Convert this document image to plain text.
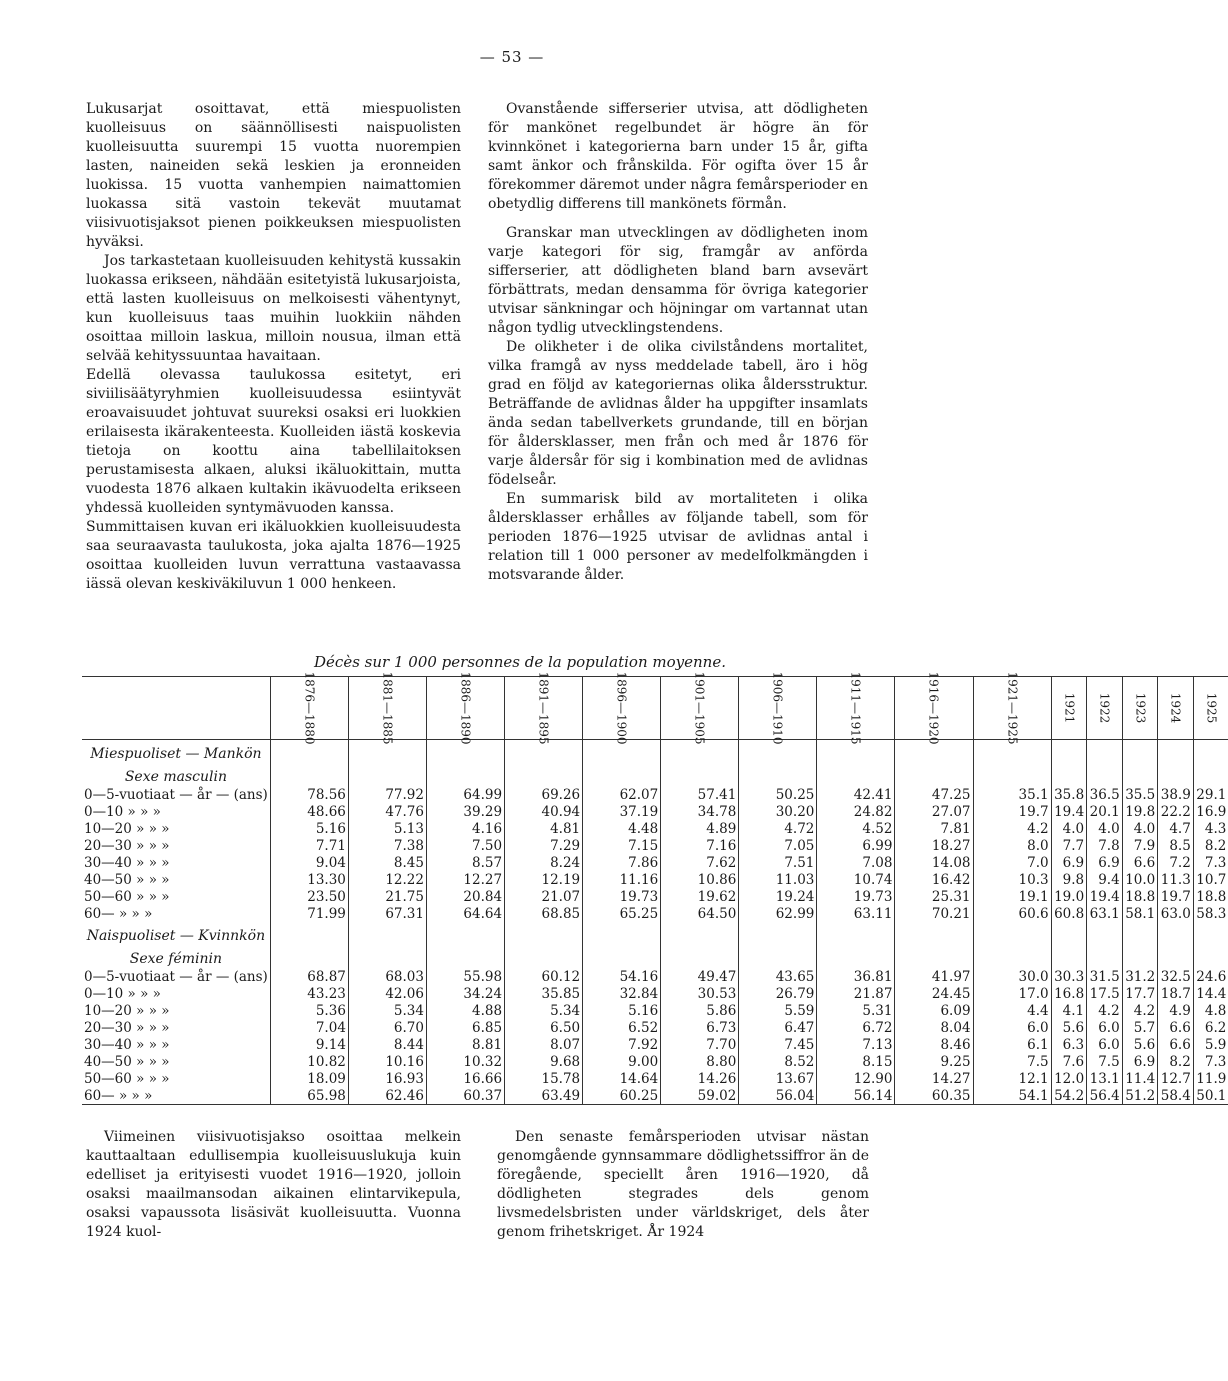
— 53 —

Lukusarjat osoittavat, että miespuolisten kuolleisuus on säännöllisesti naispuolisten kuolleisuutta suurempi 15 vuotta nuorempien lasten, naineiden sekä leskien ja eronneiden luokissa. 15 vuotta vanhempien naimattomien luokassa sitä vastoin tekevät muutamat viisivuotisjaksot pienen poikkeuksen miespuolisten hyväksi.

Jos tarkastetaan kuolleisuuden kehitystä kussakin luokassa erikseen, nähdään esitetyistä lukusarjoista, että lasten kuolleisuus on melkoisesti vähentynyt, kun kuolleisuus taas muihin luokkiin nähden osoittaa milloin laskua, milloin nousua, ilman että selvää kehityssuuntaa havaitaan.

Edellä olevassa taulukossa esitetyt, eri siviilisäätyryhmien kuolleisuudessa esiintyvät eroavaisuudet johtuvat suureksi osaksi eri luokkien erilaisesta ikärakenteesta. Kuolleiden iästä koskevia tietoja on koottu aina tabellilaitoksen perustamisesta alkaen, aluksi ikäluokittain, mutta vuodesta 1876 alkaen kultakin ikävuodelta erikseen yhdessä kuolleiden syntymävuoden kanssa.

Summittaisen kuvan eri ikäluokkien kuolleisuudesta saa seuraavasta taulukosta, joka ajalta 1876—1925 osoittaa kuolleiden luvun verrattuna vastaavassa iässä olevan keskiväkiluvun 1 000 henkeen.

Ovanstående sifferserier utvisa, att dödligheten för mankönet regelbundet är högre än för kvinnkönet i kategorierna barn under 15 år, gifta samt änkor och frånskilda. För ogifta över 15 år förekommer däremot under några femårsperioder en obetydlig differens till mankönets förmån.

Granskar man utvecklingen av dödligheten inom varje kategori för sig, framgår av anförda sifferserier, att dödligheten bland barn avsevärt förbättrats, medan densamma för övriga kategorier utvisar sänkningar och höjningar om vartannat utan någon tydlig utvecklingstendens.

De olikheter i de olika civilståndens mortalitet, vilka framgå av nyss meddelade tabell, äro i hög grad en följd av kategoriernas olika åldersstruktur. Beträffande de avlidnas ålder ha uppgifter insamlats ända sedan tabellverkets grundande, till en början för åldersklasser, men från och med år 1876 för varje åldersår för sig i kombination med de avlidnas födelseår.

En summarisk bild av mortaliteten i olika åldersklasser erhålles av följande tabell, som för perioden 1876—1925 utvisar de avlidnas antal i relation till 1 000 personer av medelfolkmängden i motsvarande ålder.

Décès sur 1 000 personnes de la population moyenne.
	1876—1880	1881—1885	1886—1890	1891—1895	1896—1900	1901—1905	1906—1910	1911—1915	1916—1920	1921—1925	1921	1922	1923	1924	1925
Miespuoliset — Mankön															
Sexe masculin															
0—5-vuotiaat — år — (ans)	78.56	77.92	64.99	69.26	62.07	57.41	50.25	42.41	47.25	35.1	35.8	36.5	35.5	38.9	29.1
0—10 » » »	48.66	47.76	39.29	40.94	37.19	34.78	30.20	24.82	27.07	19.7	19.4	20.1	19.8	22.2	16.9
10—20 » » »	5.16	5.13	4.16	4.81	4.48	4.89	4.72	4.52	7.81	4.2	4.0	4.0	4.0	4.7	4.3
20—30 » » »	7.71	7.38	7.50	7.29	7.15	7.16	7.05	6.99	18.27	8.0	7.7	7.8	7.9	8.5	8.2
30—40 » » »	9.04	8.45	8.57	8.24	7.86	7.62	7.51	7.08	14.08	7.0	6.9	6.9	6.6	7.2	7.3
40—50 » » »	13.30	12.22	12.27	12.19	11.16	10.86	11.03	10.74	16.42	10.3	9.8	9.4	10.0	11.3	10.7
50—60 » » »	23.50	21.75	20.84	21.07	19.73	19.62	19.24	19.73	25.31	19.1	19.0	19.4	18.8	19.7	18.8
60— » » »	71.99	67.31	64.64	68.85	65.25	64.50	62.99	63.11	70.21	60.6	60.8	63.1	58.1	63.0	58.3
Naispuoliset — Kvinnkön															
Sexe féminin															
0—5-vuotiaat — år — (ans)	68.87	68.03	55.98	60.12	54.16	49.47	43.65	36.81	41.97	30.0	30.3	31.5	31.2	32.5	24.6
0—10 » » »	43.23	42.06	34.24	35.85	32.84	30.53	26.79	21.87	24.45	17.0	16.8	17.5	17.7	18.7	14.4
10—20 » » »	5.36	5.34	4.88	5.34	5.16	5.86	5.59	5.31	6.09	4.4	4.1	4.2	4.2	4.9	4.8
20—30 » » »	7.04	6.70	6.85	6.50	6.52	6.73	6.47	6.72	8.04	6.0	5.6	6.0	5.7	6.6	6.2
30—40 » » »	9.14	8.44	8.81	8.07	7.92	7.70	7.45	7.13	8.46	6.1	6.3	6.0	5.6	6.6	5.9
40—50 » » »	10.82	10.16	10.32	9.68	9.00	8.80	8.52	8.15	9.25	7.5	7.6	7.5	6.9	8.2	7.3
50—60 » » »	18.09	16.93	16.66	15.78	14.64	14.26	13.67	12.90	14.27	12.1	12.0	13.1	11.4	12.7	11.9
60— » » »	65.98	62.46	60.37	63.49	60.25	59.02	56.04	56.14	60.35	54.1	54.2	56.4	51.2	58.4	50.1

Viimeinen viisivuotisjakso osoittaa melkein kauttaaltaan edullisempia kuolleisuuslukuja kuin edelliset ja erityisesti vuodet 1916—1920, jolloin osaksi maailmansodan aikainen elintarvikepula, osaksi vapaussota lisäsivät kuolleisuutta. Vuonna 1924 kuol-

Den senaste femårsperioden utvisar nästan genomgående gynnsammare dödlighetssiffror än de föregående, speciellt åren 1916—1920, då dödligheten stegrades dels genom livsmedelsbristen under världskriget, dels åter genom frihetskriget. År 1924
